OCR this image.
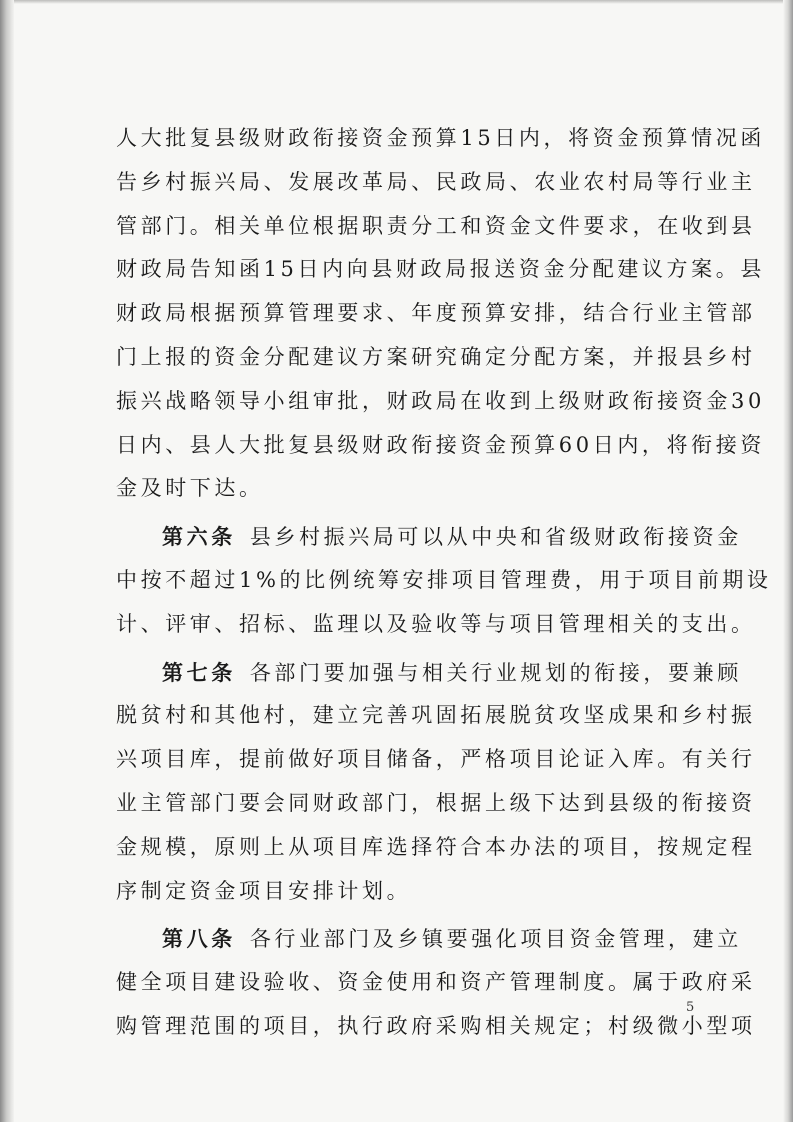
人大批复县级财政衔接资金预算15日内，将资金预算情况函
告乡村振兴局、发展改革局、民政局、农业农村局等行业主
管部门。相关单位根据职责分工和资金文件要求，在收到县
财政局告知函15日内向县财政局报送资金分配建议方案。县
财政局根据预算管理要求、年度预算安排，结合行业主管部
门上报的资金分配建议方案研究确定分配方案，并报县乡村
振兴战略领导小组审批，财政局在收到上级财政衔接资金30
日内、县人大批复县级财政衔接资金预算60日内，将衔接资
金及时下达。
第六条 县乡村振兴局可以从中央和省级财政衔接资金
中按不超过1%的比例统筹安排项目管理费，用于项目前期设
计、评审、招标、监理以及验收等与项目管理相关的支出。
第七条 各部门要加强与相关行业规划的衔接，要兼顾
脱贫村和其他村，建立完善巩固拓展脱贫攻坚成果和乡村振
兴项目库，提前做好项目储备，严格项目论证入库。有关行
业主管部门要会同财政部门，根据上级下达到县级的衔接资
金规模，原则上从项目库选择符合本办法的项目，按规定程
序制定资金项目安排计划。
第八条 各行业部门及乡镇要强化项目资金管理，建立
健全项目建设验收、资金使用和资产管理制度。属于政府采
购管理范围的项目，执行政府采购相关规定；村级微小型项
5
